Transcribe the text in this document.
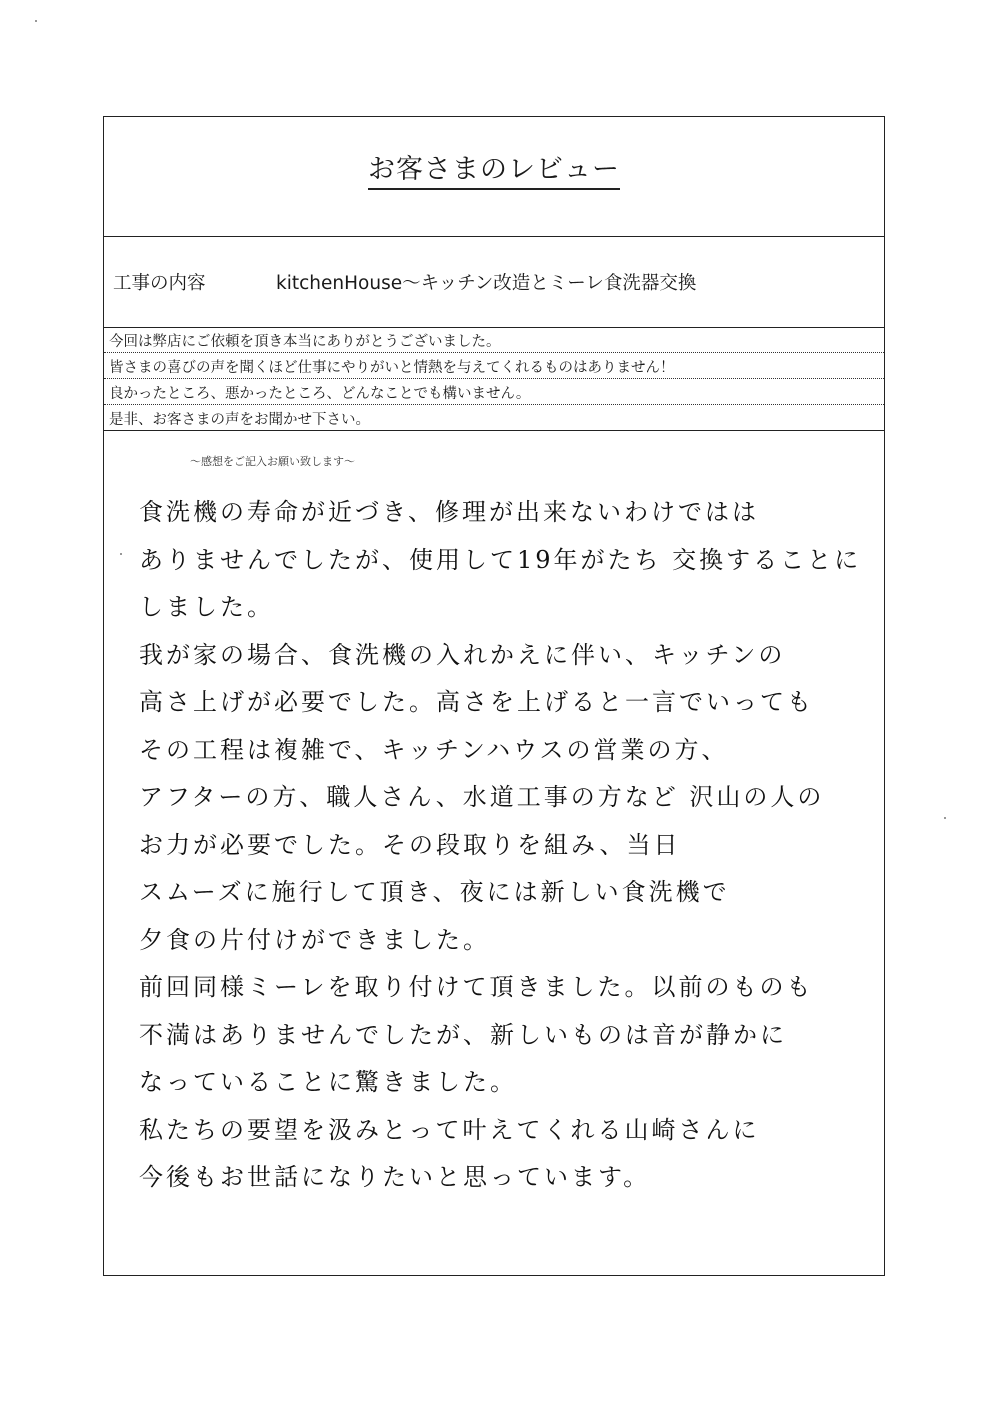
お客さまのレビュー
工事の内容	kitchenHouse～キッチン改造とミーレ食洗器交換
今回は弊店にご依頼を頂き本当にありがとうございました。
皆さまの喜びの声を聞くほど仕事にやりがいと情熱を与えてくれるものはありません！
良かったところ、悪かったところ、どんなことでも構いません。
是非、お客さまの声をお聞かせ下さい。
～感想をご記入お願い致します～
食洗機の寿命が近づき、修理が出来ないわけではは
ありませんでしたが、使用して19年がたち 交換することに
しました。
我が家の場合、食洗機の入れかえに伴い、キッチンの
高さ上げが必要でした。高さを上げると一言でいっても
その工程は複雑で、キッチンハウスの営業の方、
アフターの方、職人さん、水道工事の方など 沢山の人の
お力が必要でした。その段取りを組み、当日
スムーズに施行して頂き、夜には新しい食洗機で
夕食の片付けができました。
前回同様ミーレを取り付けて頂きました。以前のものも
不満はありませんでしたが、新しいものは音が静かに
なっていることに驚きました。
私たちの要望を汲みとって叶えてくれる山崎さんに
今後もお世話になりたいと思っています。
